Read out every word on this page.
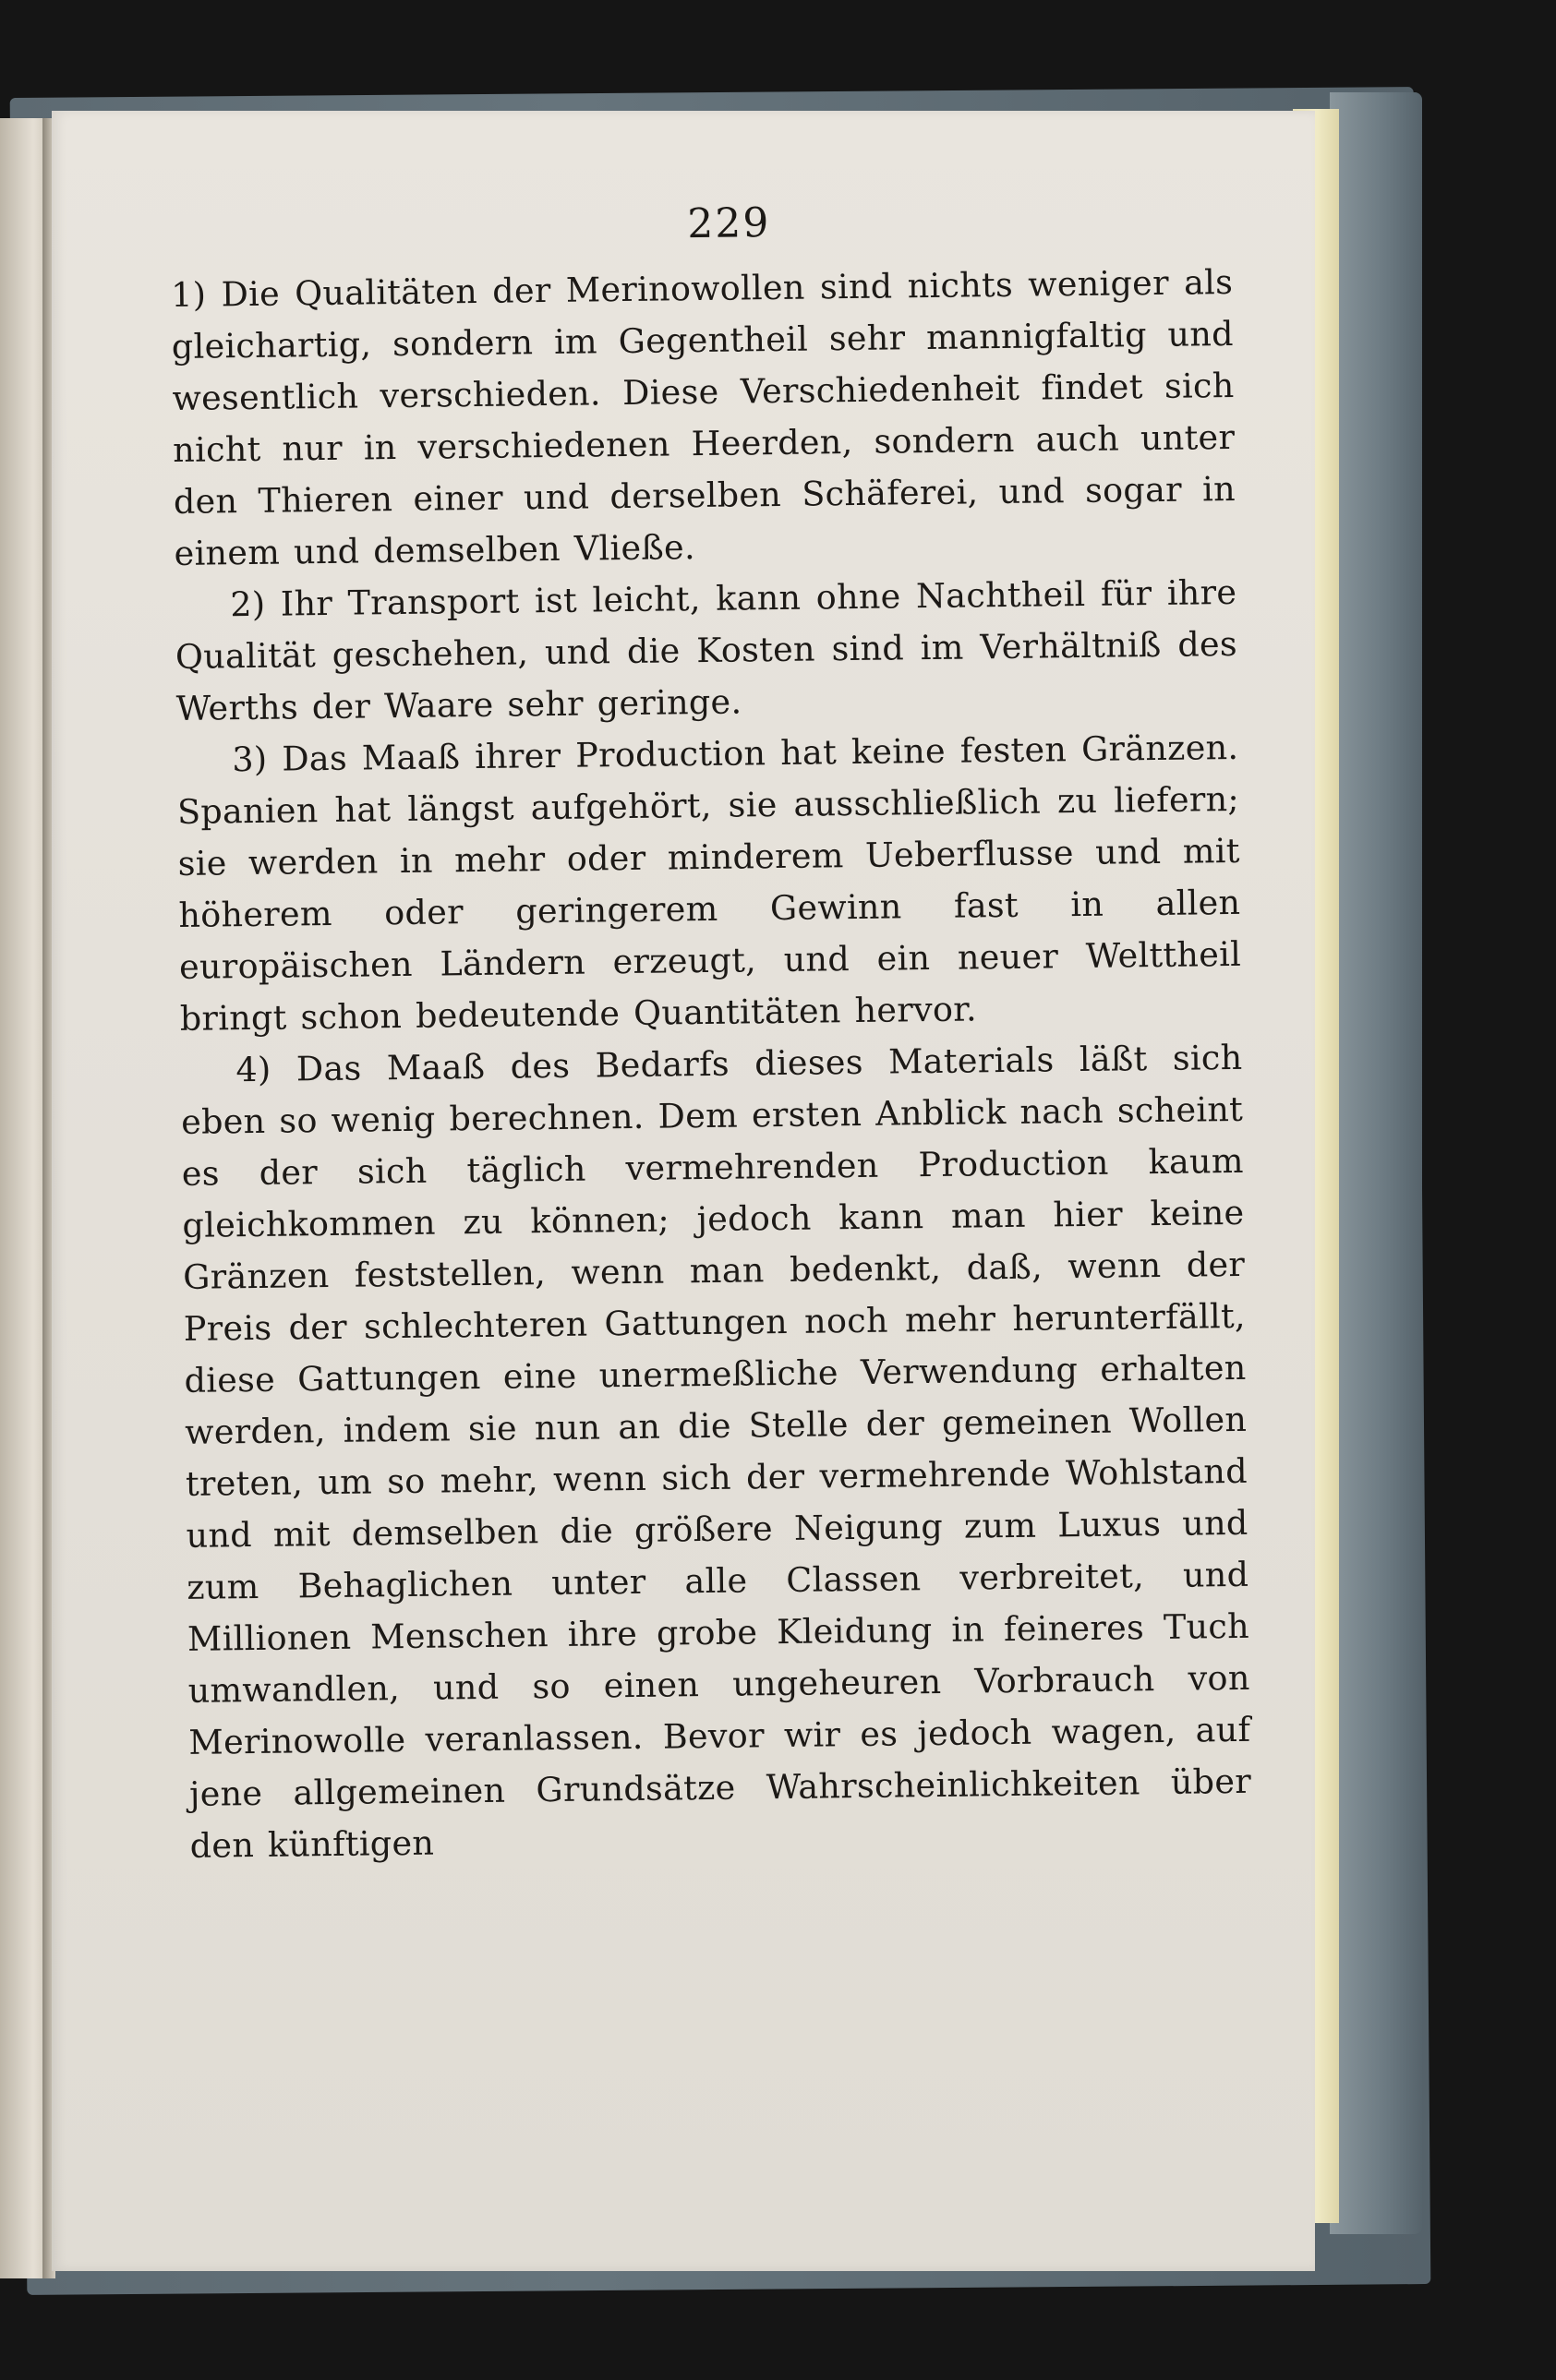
229

1) Die Qualitäten der Merinowollen sind nichts weniger als gleichartig, sondern im Gegentheil sehr mannigfaltig und wesentlich verschieden. Diese Verschiedenheit findet sich nicht nur in verschiedenen Heerden, sondern auch unter den Thieren einer und derselben Schäferei, und sogar in einem und demselben Vließe.

2) Ihr Transport ist leicht, kann ohne Nachtheil für ihre Qualität geschehen, und die Kosten sind im Verhältniß des Werths der Waare sehr geringe.

3) Das Maaß ihrer Production hat keine festen Gränzen. Spanien hat längst aufgehört, sie ausschließlich zu liefern; sie werden in mehr oder minderem Ueberflusse und mit höherem oder geringerem Gewinn fast in allen europäischen Ländern erzeugt, und ein neuer Welttheil bringt schon bedeutende Quantitäten hervor.

4) Das Maaß des Bedarfs dieses Materials läßt sich eben so wenig berechnen. Dem ersten Anblick nach scheint es der sich täglich vermehrenden Production kaum gleichkommen zu können; jedoch kann man hier keine Gränzen feststellen, wenn man bedenkt, daß, wenn der Preis der schlechteren Gattungen noch mehr herunterfällt, diese Gattungen eine unermeßliche Verwendung erhalten werden, indem sie nun an die Stelle der gemeinen Wollen treten, um so mehr, wenn sich der vermehrende Wohlstand und mit demselben die größere Neigung zum Luxus und zum Behaglichen unter alle Classen verbreitet, und Millionen Menschen ihre grobe Kleidung in feineres Tuch umwandlen, und so einen ungeheuren Vorbrauch von Merinowolle veranlassen. Bevor wir es jedoch wagen, auf jene allgemeinen Grundsätze Wahrscheinlichkeiten über den künftigen
